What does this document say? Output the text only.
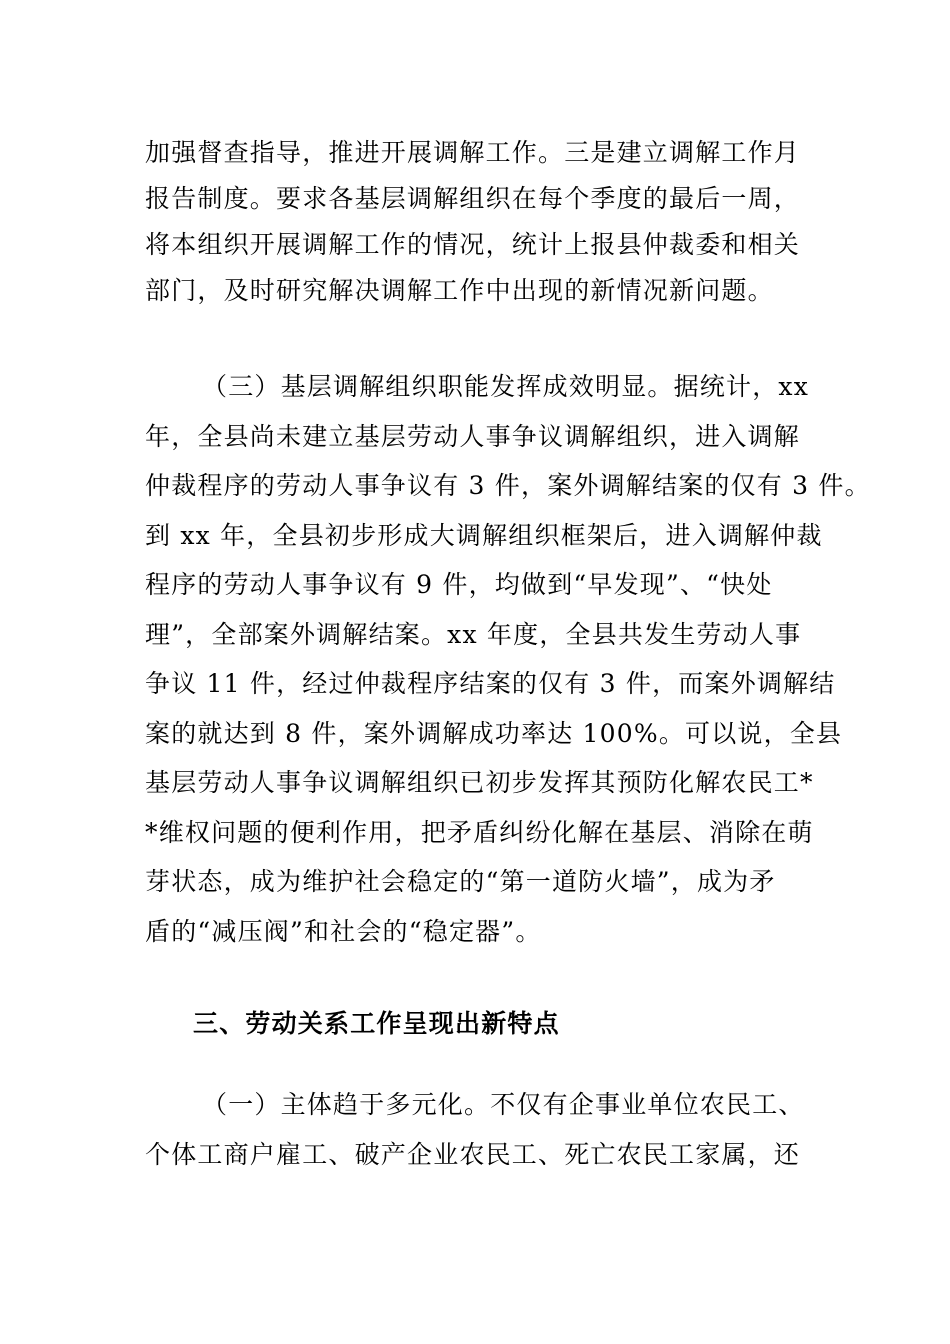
加强督查指导，推进开展调解工作。三是建立调解工作月
报告制度。要求各基层调解组织在每个季度的最后一周，
将本组织开展调解工作的情况，统计上报县仲裁委和相关
部门，及时研究解决调解工作中出现的新情况新问题。
（三）基层调解组织职能发挥成效明显。据统计，xx
年，全县尚未建立基层劳动人事争议调解组织，进入调解
仲裁程序的劳动人事争议有 3 件，案外调解结案的仅有 3 件。
到 xx 年，全县初步形成大调解组织框架后，进入调解仲裁
程序的劳动人事争议有 9 件，均做到“早发现”、“快处
理”，全部案外调解结案。xx 年度，全县共发生劳动人事
争议 11 件，经过仲裁程序结案的仅有 3 件，而案外调解结
案的就达到 8 件，案外调解成功率达 100%。可以说，全县
基层劳动人事争议调解组织已初步发挥其预防化解农民工*
*维权问题的便利作用，把矛盾纠纷化解在基层、消除在萌
芽状态，成为维护社会稳定的“第一道防火墙”，成为矛
盾的“减压阀”和社会的“稳定器”。
三、劳动关系工作呈现出新特点
（一）主体趋于多元化。不仅有企事业单位农民工、
个体工商户雇工、破产企业农民工、死亡农民工家属，还
